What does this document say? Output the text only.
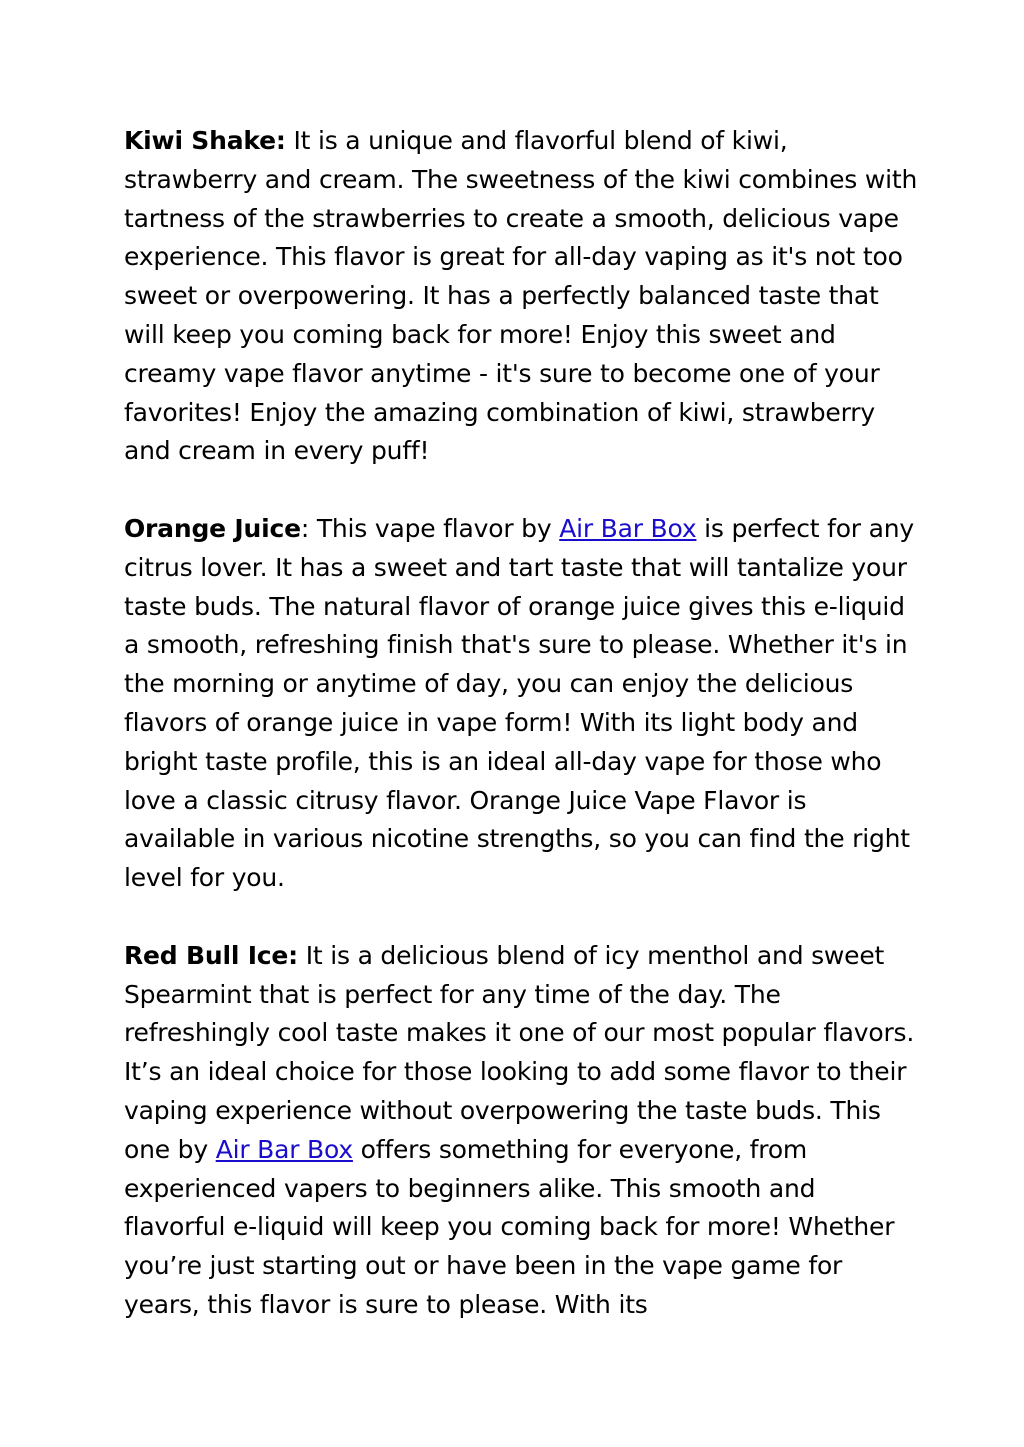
Kiwi Shake: It is a unique and flavorful blend of kiwi, strawberry and cream. The sweetness of the kiwi combines with tartness of the strawberries to create a smooth, delicious vape experience. This flavor is great for all-day vaping as it's not too sweet or overpowering. It has a perfectly balanced taste that will keep you coming back for more! Enjoy this sweet and creamy vape flavor anytime - it's sure to become one of your favorites! Enjoy the amazing combination of kiwi, strawberry and cream in every puff!

Orange Juice: This vape flavor by Air Bar Box is perfect for any citrus lover. It has a sweet and tart taste that will tantalize your taste buds. The natural flavor of orange juice gives this e-liquid a smooth, refreshing finish that's sure to please. Whether it's in the morning or anytime of day, you can enjoy the delicious flavors of orange juice in vape form! With its light body and bright taste profile, this is an ideal all-day vape for those who love a classic citrusy flavor. Orange Juice Vape Flavor is available in various nicotine strengths, so you can find the right level for you.

Red Bull Ice: It is a delicious blend of icy menthol and sweet Spearmint that is perfect for any time of the day. The refreshingly cool taste makes it one of our most popular flavors. It’s an ideal choice for those looking to add some flavor to their vaping experience without overpowering the taste buds. This one by Air Bar Box offers something for everyone, from experienced vapers to beginners alike. This smooth and flavorful e-liquid will keep you coming back for more! Whether you’re just starting out or have been in the vape game for years, this flavor is sure to please. With its
